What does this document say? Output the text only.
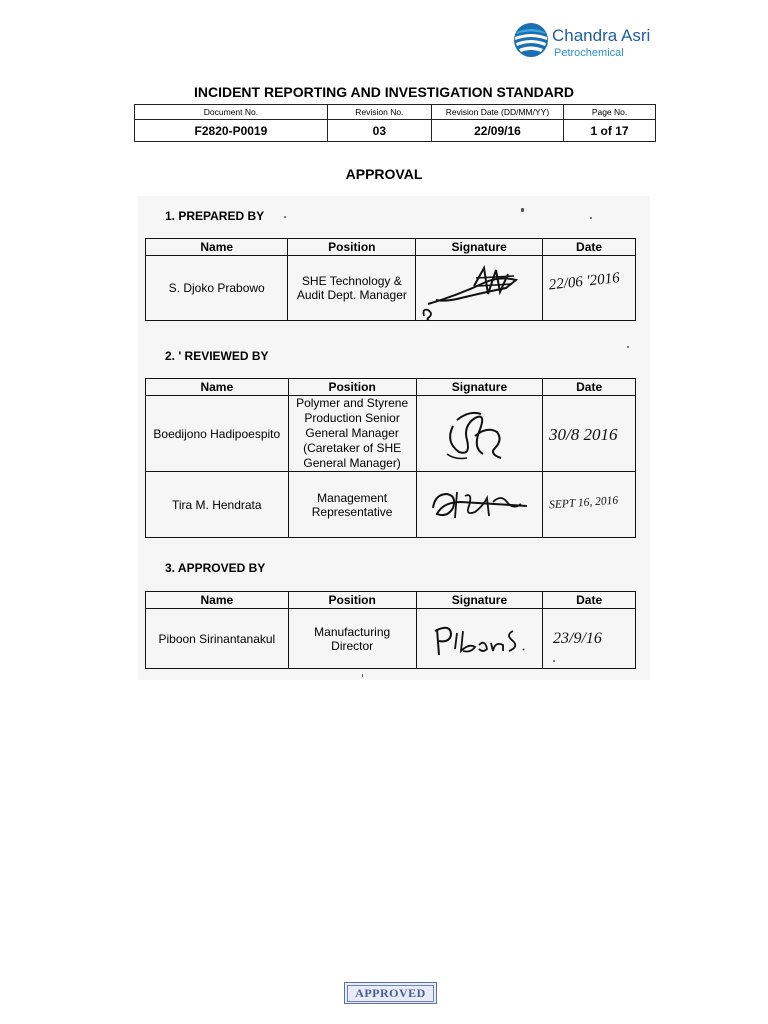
Chandra Asri
Petrochemical
INCIDENT REPORTING AND INVESTIGATION STANDARD
Document No.	Revision No.	Revision Date (DD/MM/YY)	Page No.
F2820-P0019	03	22/09/16	1 of 17
APPROVAL
1. PREPARED BY
Name	Position	Signature	Date
S. Djoko Prabowo	SHE Technology &
Audit Dept. Manager		22/06 '2016
2. ' REVIEWED BY
Name	Position	Signature	Date
Boedijono Hadipoespito	Polymer and Styrene
Production Senior
General Manager
(Caretaker of SHE
General Manager)		30/8 2016

Tira M. Hendrata	Management
Representative		SEPT 16, 2016
3. APPROVED BY
Name	Position	Signature	Date
Piboon Sirinantanakul	Manufacturing
Director		23/9/16
APPROVED
